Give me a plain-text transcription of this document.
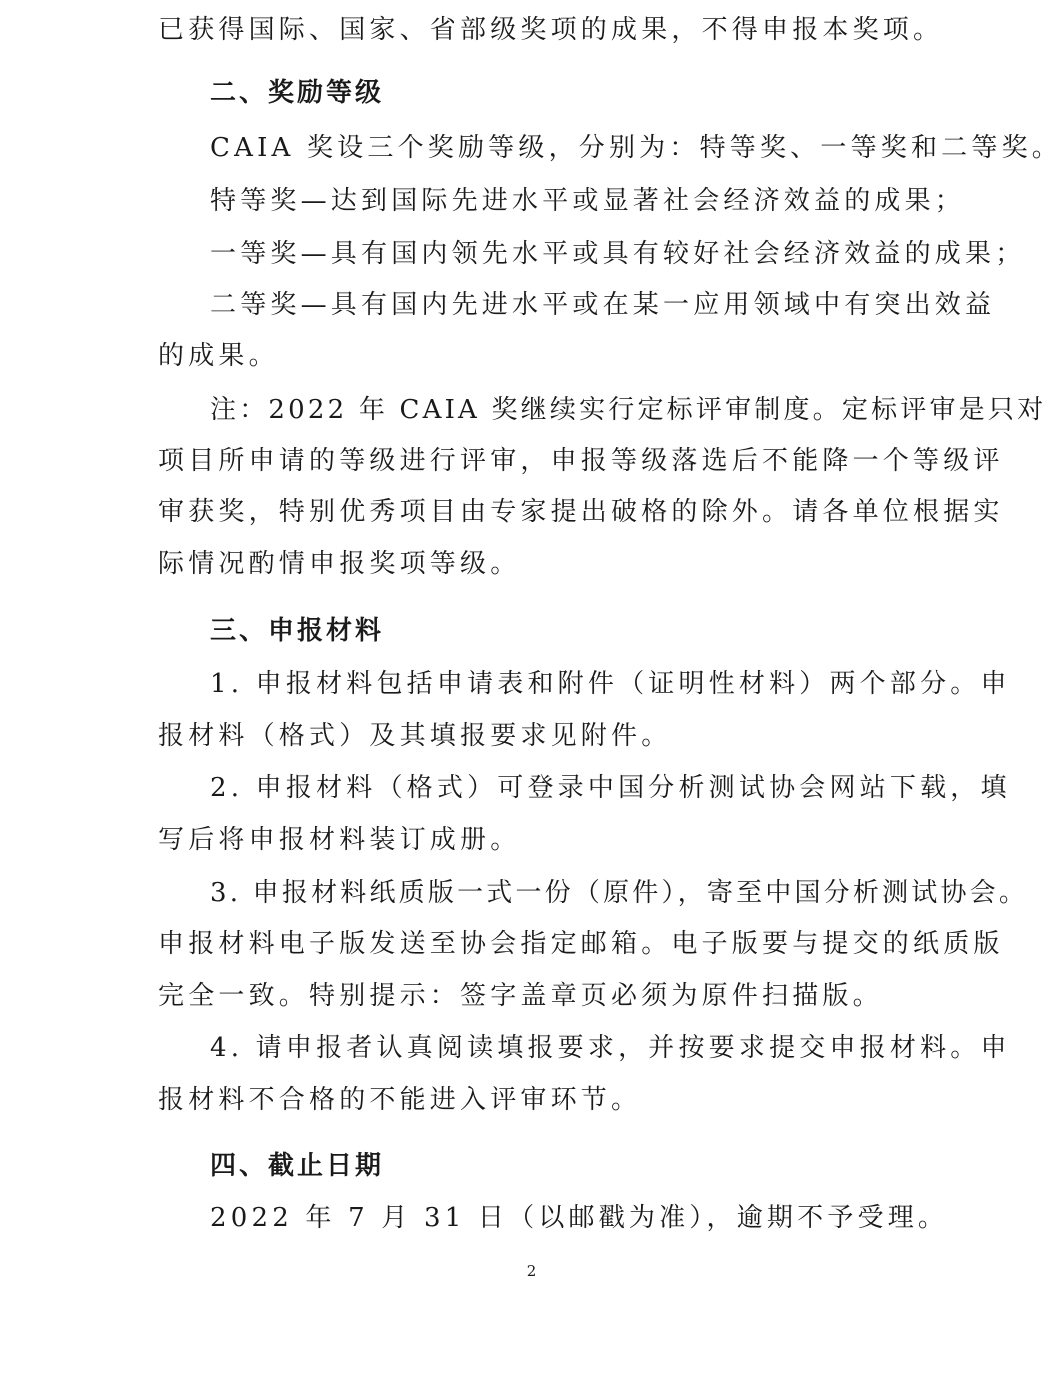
已获得国际、国家、省部级奖项的成果，不得申报本奖项。
二、奖励等级
CAIA 奖设三个奖励等级，分别为：特等奖、一等奖和二等奖。
特等奖—达到国际先进水平或显著社会经济效益的成果；
一等奖—具有国内领先水平或具有较好社会经济效益的成果；
二等奖—具有国内先进水平或在某一应用领域中有突出效益
的成果。
注：2022 年 CAIA 奖继续实行定标评审制度。定标评审是只对
项目所申请的等级进行评审，申报等级落选后不能降一个等级评
审获奖，特别优秀项目由专家提出破格的除外。请各单位根据实
际情况酌情申报奖项等级。
三、申报材料
1. 申报材料包括申请表和附件（证明性材料）两个部分。申
报材料（格式）及其填报要求见附件。
2. 申报材料（格式）可登录中国分析测试协会网站下载，填
写后将申报材料装订成册。
3. 申报材料纸质版一式一份（原件），寄至中国分析测试协会。
申报材料电子版发送至协会指定邮箱。电子版要与提交的纸质版
完全一致。特别提示：签字盖章页必须为原件扫描版。
4. 请申报者认真阅读填报要求，并按要求提交申报材料。申
报材料不合格的不能进入评审环节。
四、截止日期
2022 年 7 月 31 日（以邮戳为准），逾期不予受理。
2
